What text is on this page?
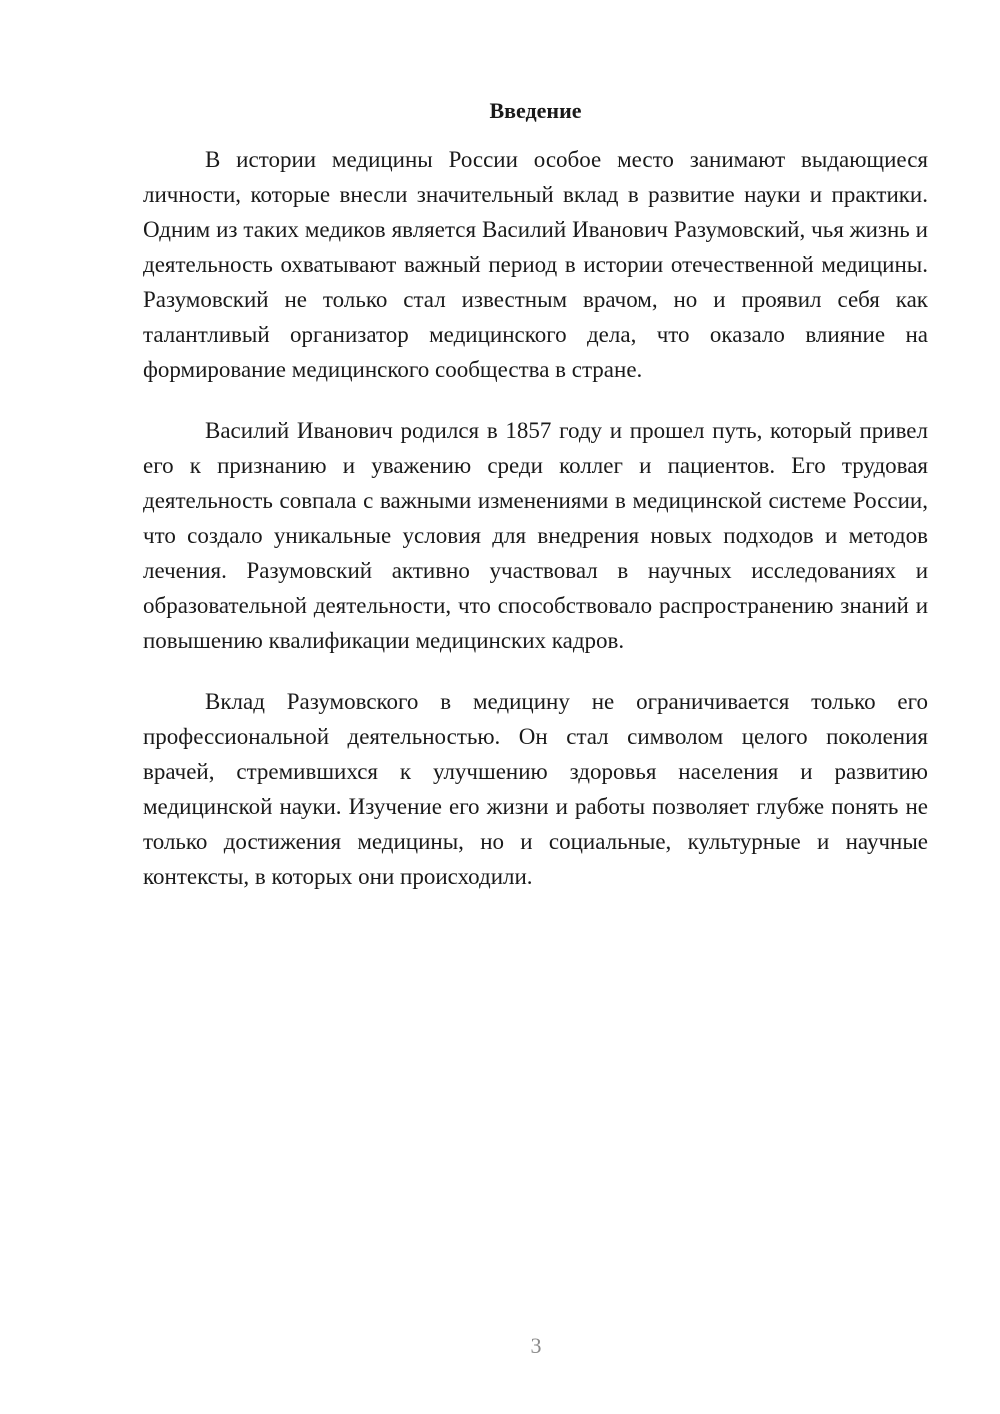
Введение

В истории медицины России особое место занимают выдающиеся личности, которые внесли значительный вклад в развитие науки и практики. Одним из таких медиков является Василий Иванович Разумовский, чья жизнь и деятельность охватывают важный период в истории отечественной медицины. Разумовский не только стал известным врачом, но и проявил себя как талантливый организатор медицинского дела, что оказало влияние на формирование медицинского сообщества в стране.

Василий Иванович родился в 1857 году и прошел путь, который привел его к признанию и уважению среди коллег и пациентов. Его трудовая деятельность совпала с важными изменениями в медицинской системе России, что создало уникальные условия для внедрения новых подходов и методов лечения. Разумовский активно участвовал в научных исследованиях и образовательной деятельности, что способствовало распространению знаний и повышению квалификации медицинских кадров.

Вклад Разумовского в медицину не ограничивается только его профессиональной деятельностью. Он стал символом целого поколения врачей, стремившихся к улучшению здоровья населения и развитию медицинской науки. Изучение его жизни и работы позволяет глубже понять не только достижения медицины, но и социальные, культурные и научные контексты, в которых они происходили.

3
